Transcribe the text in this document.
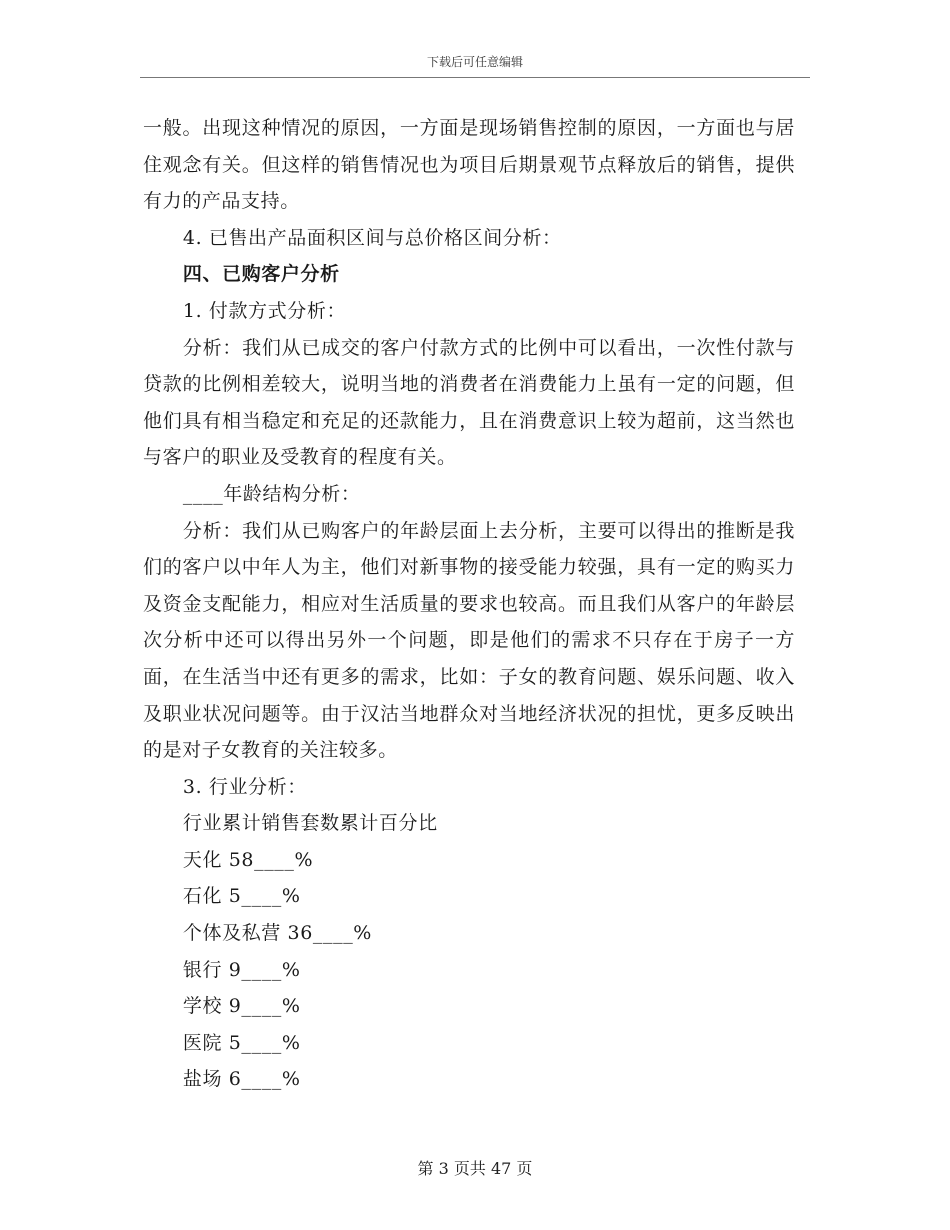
下载后可任意编辑

一般。出现这种情况的原因，一方面是现场销售控制的原因，一方面也与居住观念有关。但这样的销售情况也为项目后期景观节点释放后的销售，提供有力的产品支持。

4. 已售出产品面积区间与总价格区间分析：

四、已购客户分析

1. 付款方式分析：

分析：我们从已成交的客户付款方式的比例中可以看出，一次性付款与贷款的比例相差较大，说明当地的消费者在消费能力上虽有一定的问题，但他们具有相当稳定和充足的还款能力，且在消费意识上较为超前，这当然也与客户的职业及受教育的程度有关。

____年龄结构分析：

分析：我们从已购客户的年龄层面上去分析，主要可以得出的推断是我们的客户以中年人为主，他们对新事物的接受能力较强，具有一定的购买力及资金支配能力，相应对生活质量的要求也较高。而且我们从客户的年龄层次分析中还可以得出另外一个问题，即是他们的需求不只存在于房子一方面，在生活当中还有更多的需求，比如：子女的教育问题、娱乐问题、收入及职业状况问题等。由于汉沽当地群众对当地经济状况的担忧，更多反映出的是对子女教育的关注较多。

3. 行业分析：

行业累计销售套数累计百分比

天化 58____%

石化 5____%

个体及私营 36____%

银行 9____%

学校 9____%

医院 5____%

盐场 6____%

第 3 页共 47 页
